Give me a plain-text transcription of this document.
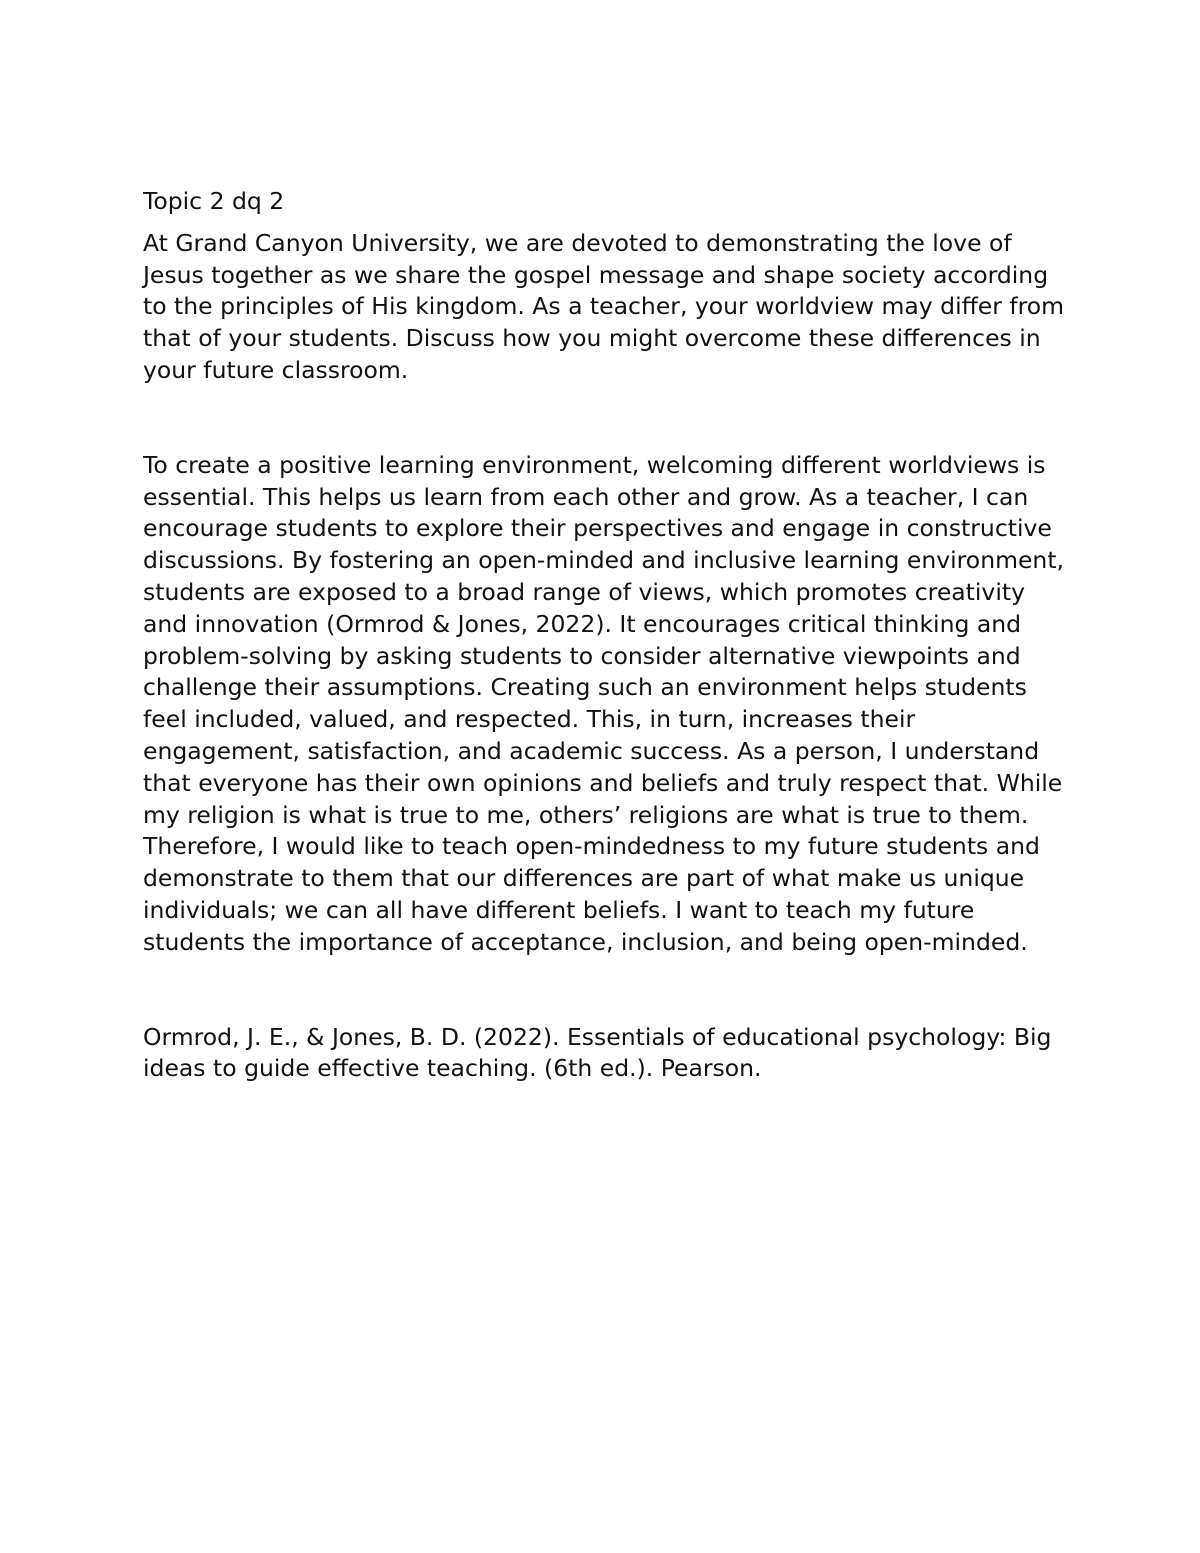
Topic 2 dq 2

At Grand Canyon University, we are devoted to demonstrating the love of Jesus together as we share the gospel message and shape society according to the principles of His kingdom. As a teacher, your worldview may differ from that of your students. Discuss how you might overcome these differences in your future classroom.

To create a positive learning environment, welcoming different worldviews is essential. This helps us learn from each other and grow. As a teacher, I can encourage students to explore their perspectives and engage in constructive discussions. By fostering an open-minded and inclusive learning environment, students are exposed to a broad range of views, which promotes creativity and innovation (Ormrod & Jones, 2022). It encourages critical thinking and problem-solving by asking students to consider alternative viewpoints and challenge their assumptions. Creating such an environment helps students feel included, valued, and respected. This, in turn, increases their engagement, satisfaction, and academic success. As a person, I understand that everyone has their own opinions and beliefs and truly respect that. While my religion is what is true to me, others’ religions are what is true to them. Therefore, I would like to teach open-mindedness to my future students and demonstrate to them that our differences are part of what make us unique individuals; we can all have different beliefs. I want to teach my future students the importance of acceptance, inclusion, and being open-minded.

Ormrod, J. E., & Jones, B. D. (2022). Essentials of educational psychology: Big ideas to guide effective teaching. (6th ed.). Pearson.
